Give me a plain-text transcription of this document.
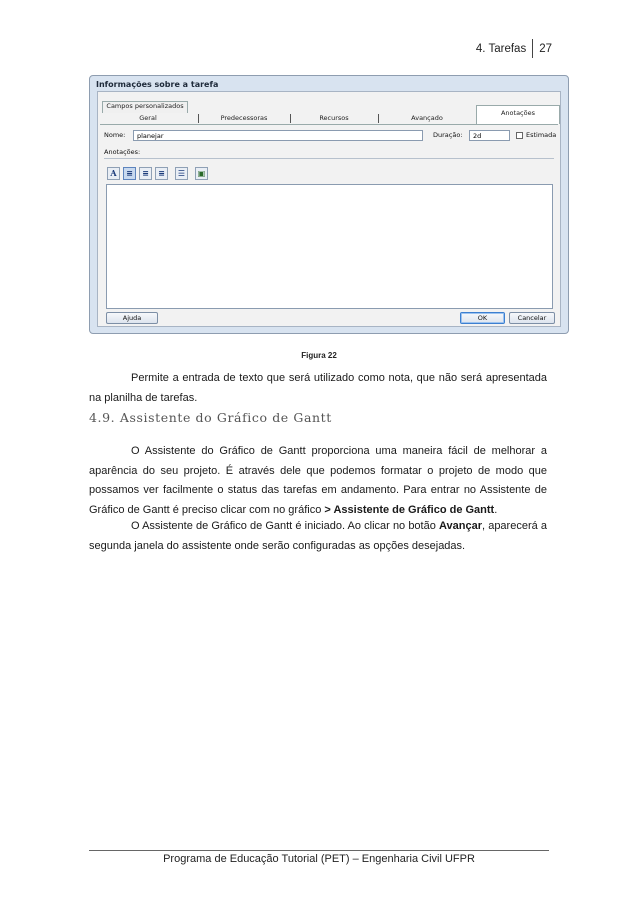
4. Tarefas 27
Informações sobre a tarefa
Campos personalizados
Geral	Predecessoras	Recursos	Avançado
Anotações
Nome:	planejar	Duração:	2d	Estimada
Anotações:
A	≡	≡	≡	☰	▣
Ajuda	OK	Cancelar
Figura 22

Permite a entrada de texto que será utilizado como nota, que não será apresentada na planilha de tarefas.

4.9. Assistente do Gráfico de Gantt

O Assistente do Gráfico de Gantt proporciona uma maneira fácil de melhorar a aparência do seu projeto. É através dele que podemos formatar o projeto de modo que possamos ver facilmente o status das tarefas em andamento. Para entrar no Assistente de Gráfico de Gantt é preciso clicar com no gráfico > Assistente de Gráfico de Gantt.

O Assistente de Gráfico de Gantt é iniciado. Ao clicar no botão Avançar, aparecerá a segunda janela do assistente onde serão configuradas as opções desejadas.

Programa de Educação Tutorial (PET) – Engenharia Civil UFPR
